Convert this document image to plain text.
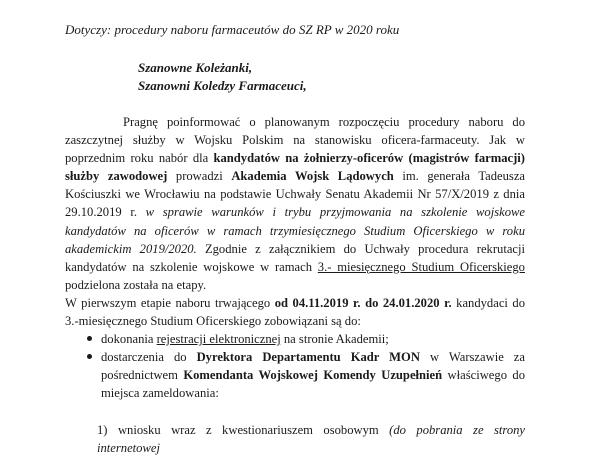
Dotyczy: procedury naboru farmaceutów do SZ RP w 2020 roku
Szanowne Koleżanki,
Szanowni Koledzy Farmaceuci,

Pragnę poinformować o planowanym rozpoczęciu procedury naboru do zaszczytnej służby w Wojsku Polskim na stanowisku oficera-farmaceuty. Jak w poprzednim roku nabór dla kandydatów na żołnierzy-oficerów (magistrów farmacji) służby zawodowej prowadzi Akademia Wojsk Lądowych im. generała Tadeusza Kościuszki we Wrocławiu na podstawie Uchwały Senatu Akademii Nr 57/X/2019 z dnia 29.10.2019 r. w sprawie warunków i trybu przyjmowania na szkolenie wojskowe kandydatów na oficerów w ramach trzymiesięcznego Studium Oficerskiego w roku akademickim 2019/2020. Zgodnie z załącznikiem do Uchwały procedura rekrutacji kandydatów na szkolenie wojskowe w ramach 3.- miesięcznego Studium Oficerskiego podzielona została na etapy.

W pierwszym etapie naboru trwającego od 04.11.2019 r. do 24.01.2020 r. kandydaci do 3.-miesięcznego Studium Oficerskiego zobowiązani są do:

dokonania rejestracji elektronicznej na stronie Akademii;
dostarczenia do Dyrektora Departamentu Kadr MON w Warszawie za pośrednictwem Komendanta Wojskowej Komendy Uzupełnień właściwego do miejsca zameldowania:
1) wniosku wraz z kwestionariuszem osobowym (do pobrania ze strony internetowej
